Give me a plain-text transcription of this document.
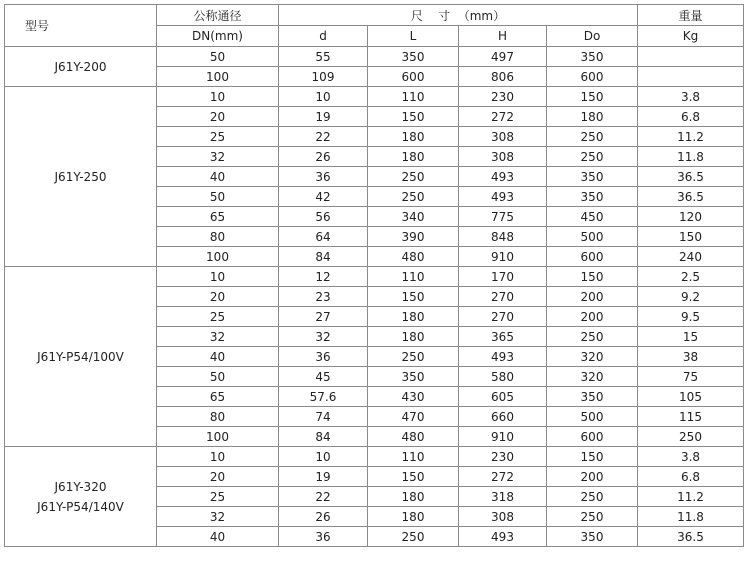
型号	公称通径	尺    寸  （mm）				重量
	DN(mm)	d	L	H	Do	Kg

J61Y-200	50	55	350	497	350	
	100	109	600	806	600	

J61Y-250	10	10	110	230	150	3.8
	20	19	150	272	180	6.8
	25	22	180	308	250	11.2
	32	26	180	308	250	11.8
	40	36	250	493	350	36.5
	50	42	250	493	350	36.5
	65	56	340	775	450	120
	80	64	390	848	500	150
	100	84	480	910	600	240

J61Y-P54/100V	10	12	110	170	150	2.5
	20	23	150	270	200	9.2
	25	27	180	270	200	9.5
	32	32	180	365	250	15
	40	36	250	493	320	38
	50	45	350	580	320	75
	65	57.6	430	605	350	105
	80	74	470	660	500	115
	100	84	480	910	600	250

J61Y-320
J61Y-P54/140V	10	10	110	230	150	3.8
	20	19	150	272	200	6.8
	25	22	180	318	250	11.2
	32	26	180	308	250	11.8
	40	36	250	493	350	36.5
